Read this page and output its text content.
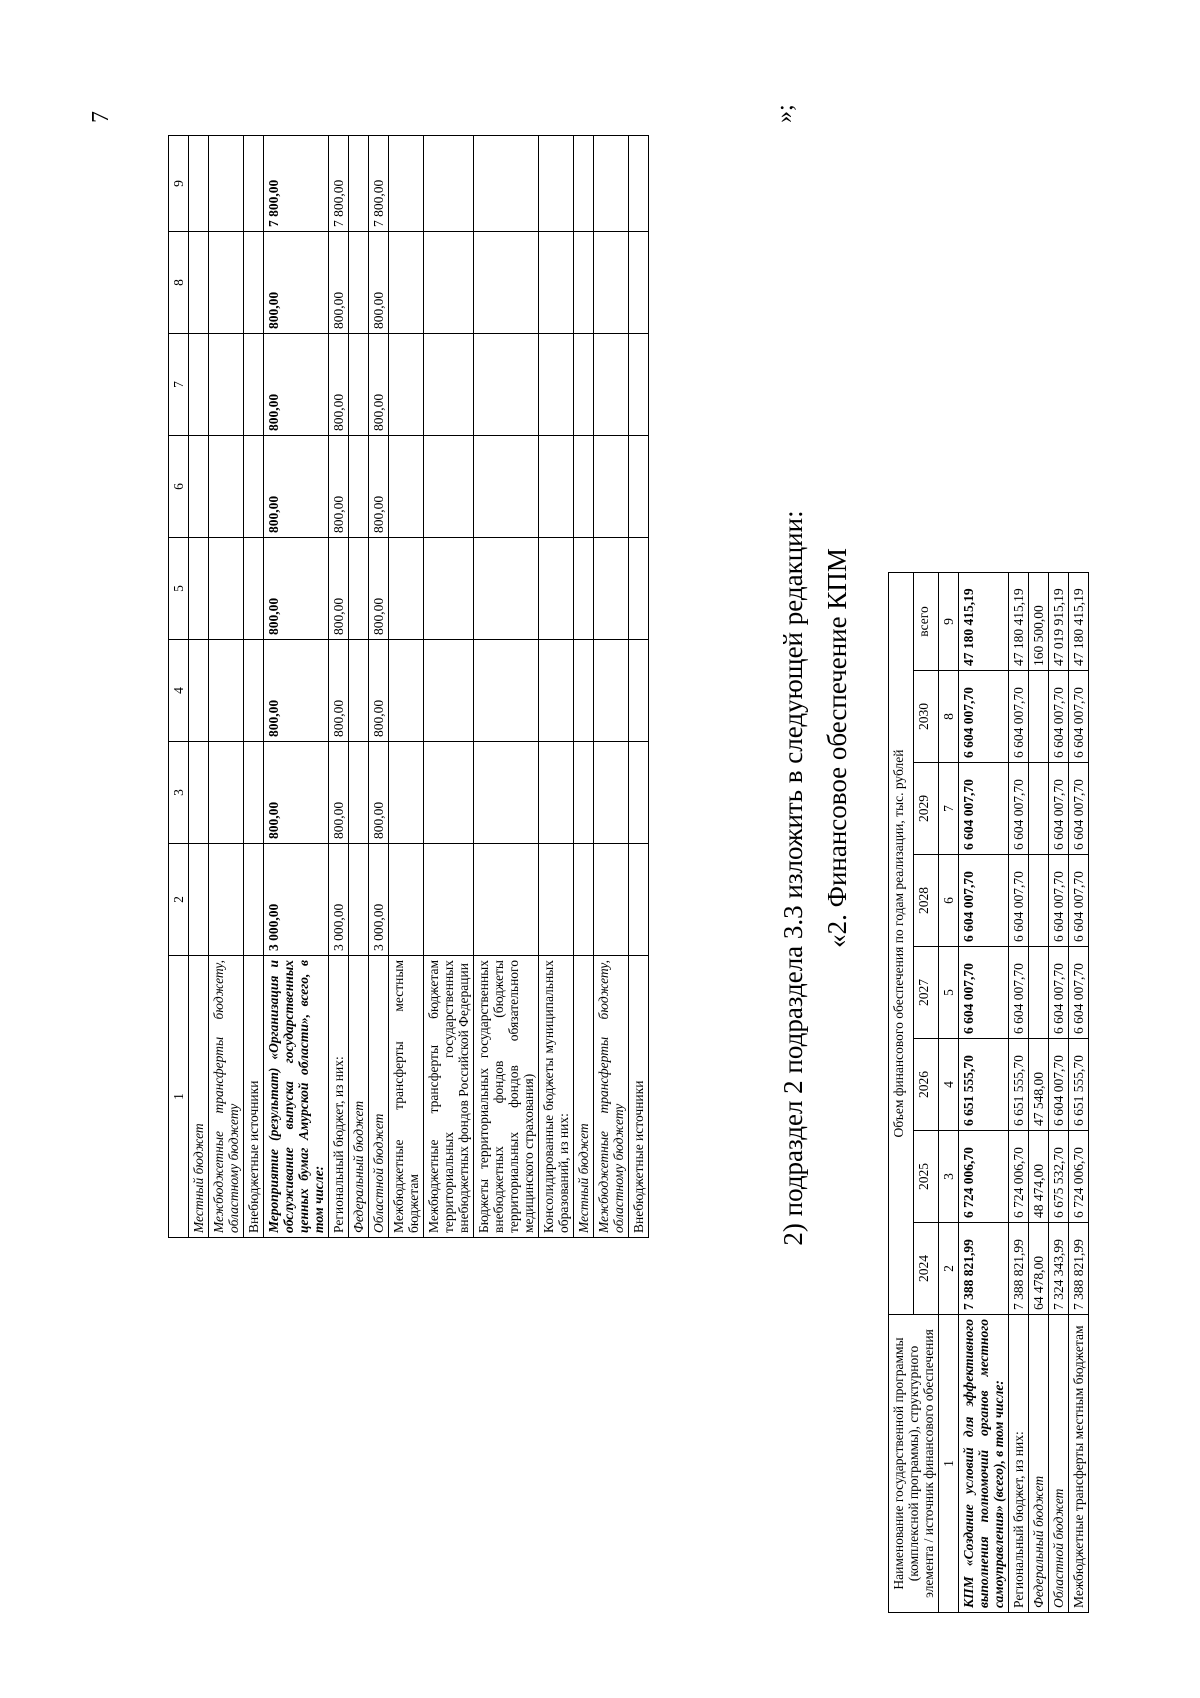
7
1	2	3	4	5	6	7	8	9
Местный бюджет								
Межбюджетные трансферты бюджету, областному бюджету								
Внебюджетные источники								
Мероприятие (результат) «Организация и обслуживание выпуска государственных ценных бумаг Амурской области», всего, в том числе:	3 000,00	800,00	800,00	800,00	800,00	800,00	800,00	7 800,00
Региональный бюджет, из них:	3 000,00	800,00	800,00	800,00	800,00	800,00	800,00	7 800,00
Федеральный бюджет								
Областной бюджет	3 000,00	800,00	800,00	800,00	800,00	800,00	800,00	7 800,00
Межбюджетные трансферты местным бюджетам								
Межбюджетные трансферты бюджетам территориальных государственных внебюджетных фондов Российской Федерации								
Бюджеты территориальных государственных внебюджетных фондов (бюджеты территориальных фондов обязательного медицинского страхования)								
Консолидированные бюджеты муниципальных образований, из них:								
Местный бюджет								
Межбюджетные трансферты бюджету, областному бюджету								
Внебюджетные источники								
»;
2) подраздел 2 подраздела 3.3 изложить в следующей редакции: «2. Финансовое обеспечение КПМ
Наименование государственной программы (комплексной программы), структурного элемента / источник финансового обеспечения	Объем финансового обеспечения по годам реализации, тыс. рублей							
	2024	2025	2026	2027	2028	2029	2030	всего
1	2	3	4	5	6	7	8	9
КПМ «Создание условий для эффективного выполнения полномочий органов местного самоуправления» (всего), в том числе:	7 388 821,99	6 724 006,70	6 651 555,70	6 604 007,70	6 604 007,70	6 604 007,70	6 604 007,70	47 180 415,19
Региональный бюджет, из них:	7 388 821,99	6 724 006,70	6 651 555,70	6 604 007,70	6 604 007,70	6 604 007,70	6 604 007,70	47 180 415,19
Федеральный бюджет	64 478,00	48 474,00	47 548,00					160 500,00
Областной бюджет	7 324 343,99	6 675 532,70	6 604 007,70	6 604 007,70	6 604 007,70	6 604 007,70	6 604 007,70	47 019 915,19
Межбюджетные трансферты местным бюджетам	7 388 821,99	6 724 006,70	6 651 555,70	6 604 007,70	6 604 007,70	6 604 007,70	6 604 007,70	47 180 415,19
